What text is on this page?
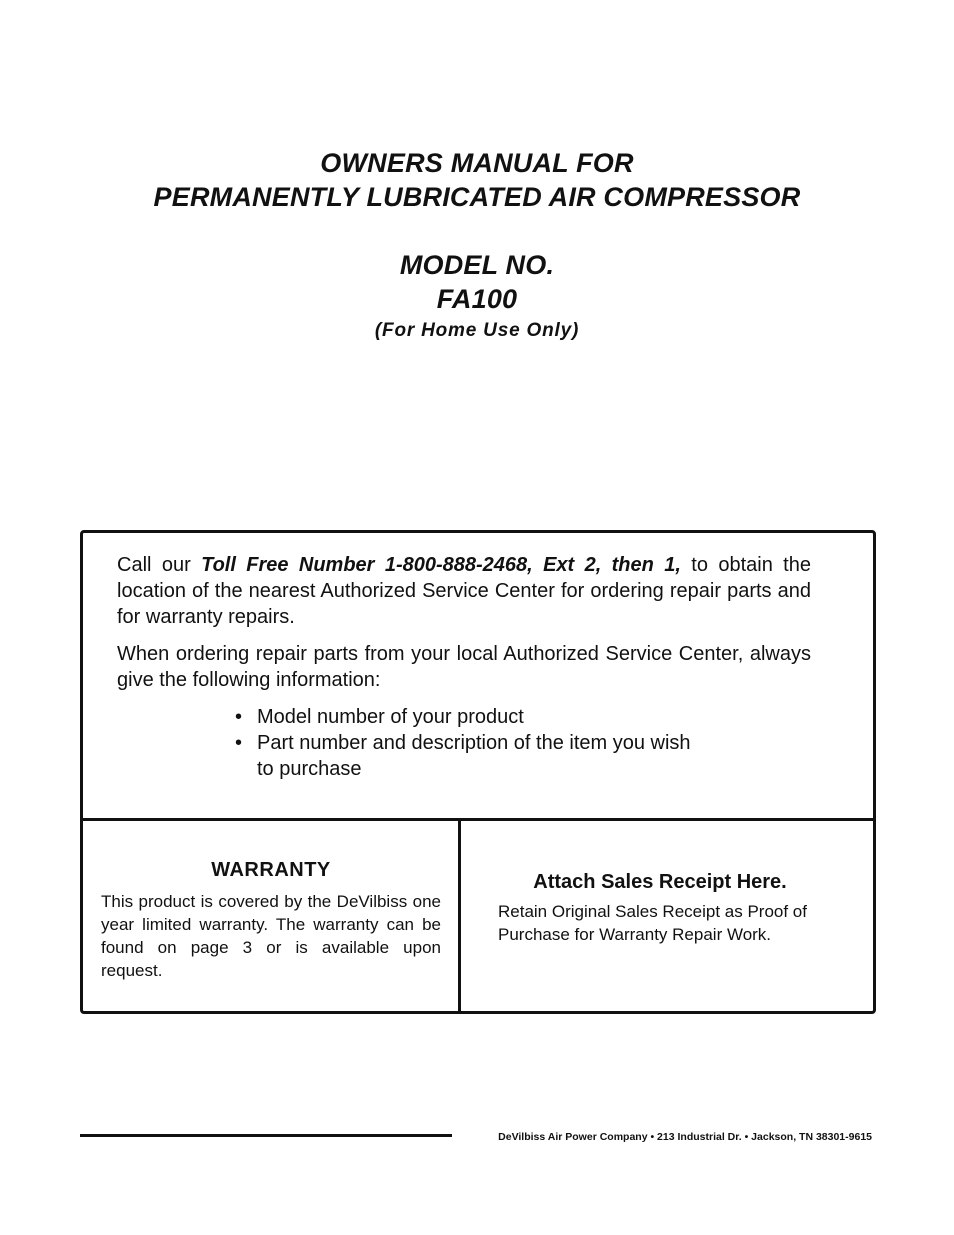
OWNERS MANUAL FOR

PERMANENTLY LUBRICATED AIR COMPRESSOR

MODEL NO.

FA100

(For Home Use Only)

Call our Toll Free Number 1-800-888-2468, Ext 2, then 1, to obtain the location of the nearest Authorized Service Center for ordering repair parts and for warranty repairs.

When ordering repair parts from your local Authorized Service Center, always give the following information:

• Model number of your product
• Part number and description of the item you wish to purchase
WARRANTY
This product is covered by the DeVilbiss one year limited warranty. The warranty can be found on page 3 or is available upon request.
Attach Sales Receipt Here.
Retain Original Sales Receipt as Proof of Purchase for Warranty Repair Work.
DeVilbiss Air Power Company • 213 Industrial Dr. • Jackson, TN 38301-9615
